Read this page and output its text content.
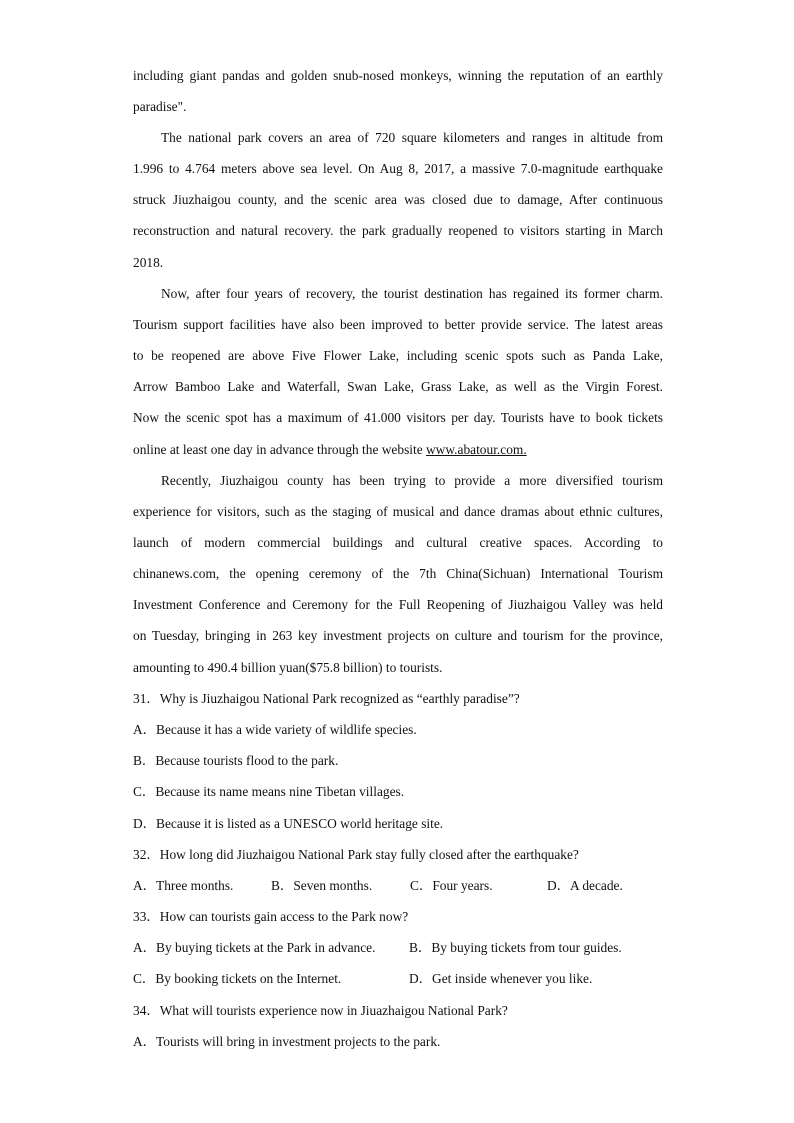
including giant pandas and golden snub-nosed monkeys, winning the reputation of an earthly
paradise".
The national park covers an area of 720 square kilometers and ranges in altitude from
1.996 to 4.764 meters above sea level. On Aug 8, 2017, a massive 7.0-magnitude earthquake
struck Jiuzhaigou county, and the scenic area was closed due to damage, After continuous
reconstruction and natural recovery. the park gradually reopened to visitors starting in March
2018.
Now, after four years of recovery, the tourist destination has regained its former charm.
Tourism support facilities have also been improved to better provide service. The latest areas
to be reopened are above Five Flower Lake, including scenic spots such as Panda Lake,
Arrow Bamboo Lake and Waterfall, Swan Lake, Grass Lake, as well as the Virgin Forest.
Now the scenic spot has a maximum of 41.000 visitors per day. Tourists have to book tickets
online at least one day in advance through the website www.abatour.com.
Recently, Jiuzhaigou county has been trying to provide a more diversified tourism
experience for visitors, such as the staging of musical and dance dramas about ethnic cultures,
launch of modern commercial buildings and cultural creative spaces. According to
chinanews.com, the opening ceremony of the 7th China(Sichuan) International Tourism
Investment Conference and Ceremony for the Full Reopening of Jiuzhaigou Valley was held
on Tuesday, bringing in 263 key investment projects on culture and tourism for the province,
amounting to 490.4 billion yuan($75.8 billion) to tourists.
31．Why is Jiuzhaigou National Park recognized as “earthly paradise”?
A．Because it has a wide variety of wildlife species.
B．Because tourists flood to the park.
C．Because its name means nine Tibetan villages.
D．Because it is listed as a UNESCO world heritage site.
32．How long did Jiuzhaigou National Park stay fully closed after the earthquake?
A．Three months.	B．Seven months.	C．Four years.	D．A decade.
33．How can tourists gain access to the Park now?
A．By buying tickets at the Park in advance.	B．By buying tickets from tour guides.
C．By booking tickets on the Internet.	D．Get inside whenever you like.
34．What will tourists experience now in Jiuazhaigou National Park?
A．Tourists will bring in investment projects to the park.
